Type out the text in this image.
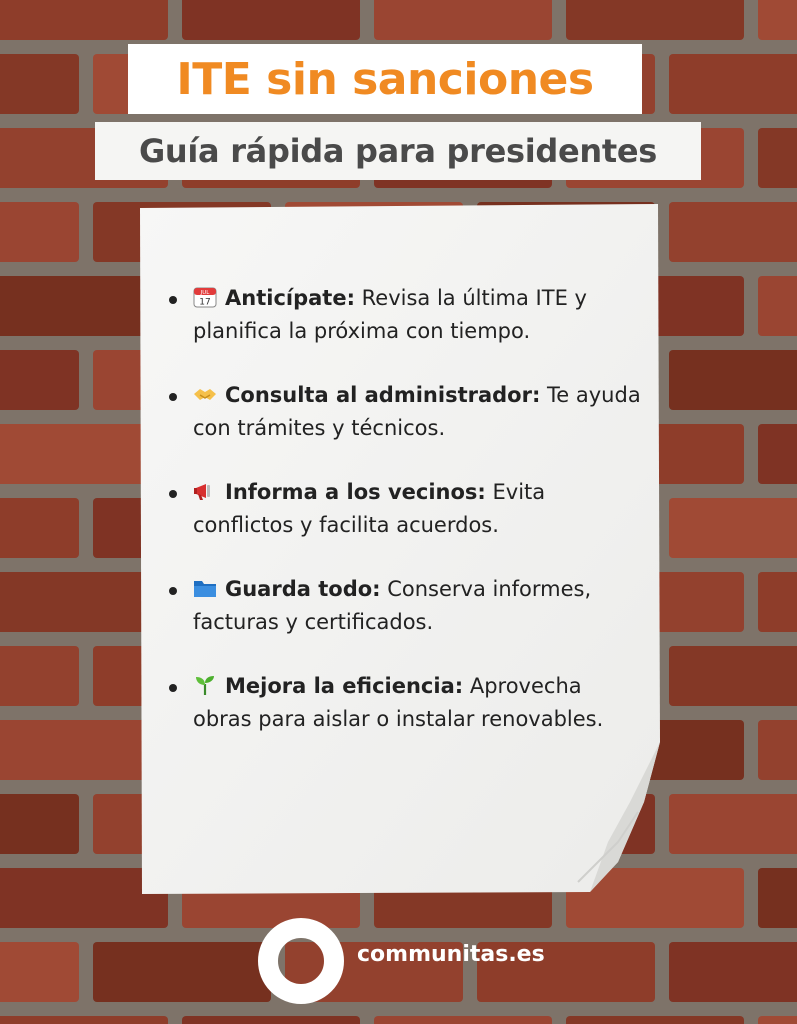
ITE sin sanciones
Guía rápida para presidentes
JUL
17 Anticípate: Revisa la última ITE y planifica la próxima con tiempo.
Consulta al administrador: Te ayuda con trámites y técnicos.
Informa a los vecinos: Evita conflictos y facilita acuerdos.
Guarda todo: Conserva informes, facturas y certificados.
Mejora la eficiencia: Aprovecha obras para aislar o instalar renovables.
communitas.es
